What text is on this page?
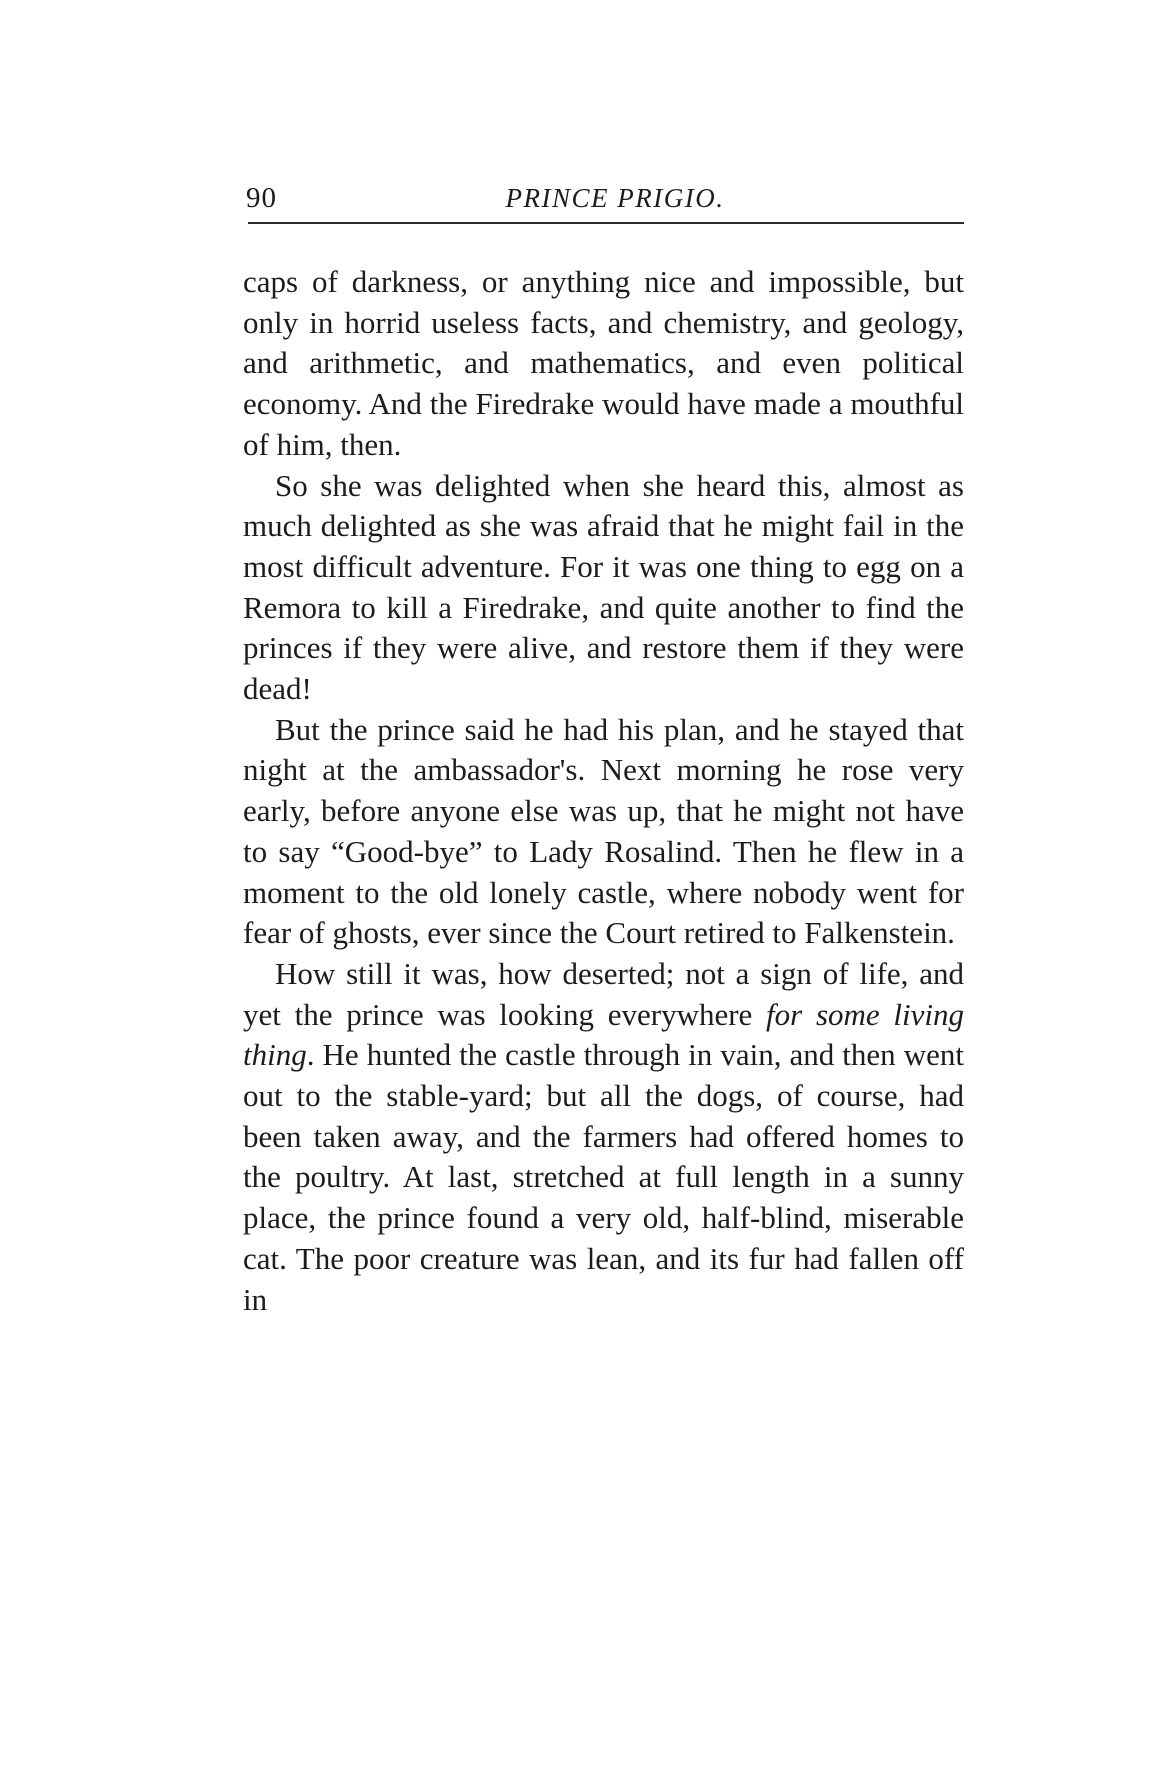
90	PRINCE PRIGIO.

caps of darkness, or anything nice and impossible, but only in horrid useless facts, and chemistry, and geology, and arithmetic, and mathematics, and even political economy. And the Firedrake would have made a mouthful of him, then.

So she was delighted when she heard this, almost as much delighted as she was afraid that he might fail in the most difficult adventure. For it was one thing to egg on a Remora to kill a Firedrake, and quite another to find the princes if they were alive, and restore them if they were dead!

But the prince said he had his plan, and he stayed that night at the ambassador's. Next morning he rose very early, before anyone else was up, that he might not have to say “Good-bye” to Lady Rosalind. Then he flew in a moment to the old lonely castle, where nobody went for fear of ghosts, ever since the Court retired to Falkenstein.

How still it was, how deserted; not a sign of life, and yet the prince was looking everywhere for some living thing. He hunted the castle through in vain, and then went out to the stable-yard; but all the dogs, of course, had been taken away, and the farmers had offered homes to the poultry. At last, stretched at full length in a sunny place, the prince found a very old, half-blind, miserable cat. The poor creature was lean, and its fur had fallen off in
